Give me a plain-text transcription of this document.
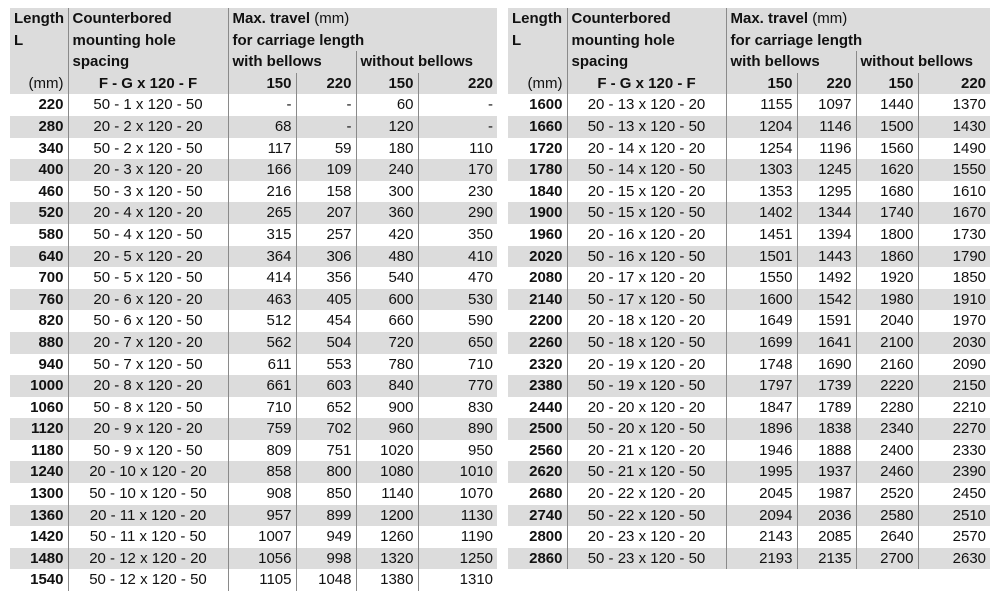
Length	Counterbored	Max. travel (mm)			
L	mounting hole	for carriage length			
	spacing	with bellows		without bellows	
(mm)	F - G x 120 - F	150	220	150	220
220	50 - 1 x 120 - 50	-	-	60	-
280	20 - 2 x 120 - 20	68	-	120	-
340	50 - 2 x 120 - 50	117	59	180	110
400	20 - 3 x 120 - 20	166	109	240	170
460	50 - 3 x 120 - 50	216	158	300	230
520	20 - 4 x 120 - 20	265	207	360	290
580	50 - 4 x 120 - 50	315	257	420	350
640	20 - 5 x 120 - 20	364	306	480	410
700	50 - 5 x 120 - 50	414	356	540	470
760	20 - 6 x 120 - 20	463	405	600	530
820	50 - 6 x 120 - 50	512	454	660	590
880	20 - 7 x 120 - 20	562	504	720	650
940	50 - 7 x 120 - 50	611	553	780	710
1000	20 - 8 x 120 - 20	661	603	840	770
1060	50 - 8 x 120 - 50	710	652	900	830
1120	20 - 9 x 120 - 20	759	702	960	890
1180	50 - 9 x 120 - 50	809	751	1020	950
1240	20 - 10 x 120 - 20	858	800	1080	1010
1300	50 - 10 x 120 - 50	908	850	1140	1070
1360	20 - 11 x 120 - 20	957	899	1200	1130
1420	50 - 11 x 120 - 50	1007	949	1260	1190
1480	20 - 12 x 120 - 20	1056	998	1320	1250
1540	50 - 12 x 120 - 50	1105	1048	1380	1310
Length	Counterbored	Max. travel (mm)			
L	mounting hole	for carriage length			
	spacing	with bellows		without bellows	
(mm)	F - G x 120 - F	150	220	150	220
1600	20 - 13 x 120 - 20	1155	1097	1440	1370
1660	50 - 13 x 120 - 50	1204	1146	1500	1430
1720	20 - 14 x 120 - 20	1254	1196	1560	1490
1780	50 - 14 x 120 - 50	1303	1245	1620	1550
1840	20 - 15 x 120 - 20	1353	1295	1680	1610
1900	50 - 15 x 120 - 50	1402	1344	1740	1670
1960	20 - 16 x 120 - 20	1451	1394	1800	1730
2020	50 - 16 x 120 - 50	1501	1443	1860	1790
2080	20 - 17 x 120 - 20	1550	1492	1920	1850
2140	50 - 17 x 120 - 50	1600	1542	1980	1910
2200	20 - 18 x 120 - 20	1649	1591	2040	1970
2260	50 - 18 x 120 - 50	1699	1641	2100	2030
2320	20 - 19 x 120 - 20	1748	1690	2160	2090
2380	50 - 19 x 120 - 50	1797	1739	2220	2150
2440	20 - 20 x 120 - 20	1847	1789	2280	2210
2500	50 - 20 x 120 - 50	1896	1838	2340	2270
2560	20 - 21 x 120 - 20	1946	1888	2400	2330
2620	50 - 21 x 120 - 50	1995	1937	2460	2390
2680	20 - 22 x 120 - 20	2045	1987	2520	2450
2740	50 - 22 x 120 - 50	2094	2036	2580	2510
2800	20 - 23 x 120 - 20	2143	2085	2640	2570
2860	50 - 23 x 120 - 50	2193	2135	2700	2630
